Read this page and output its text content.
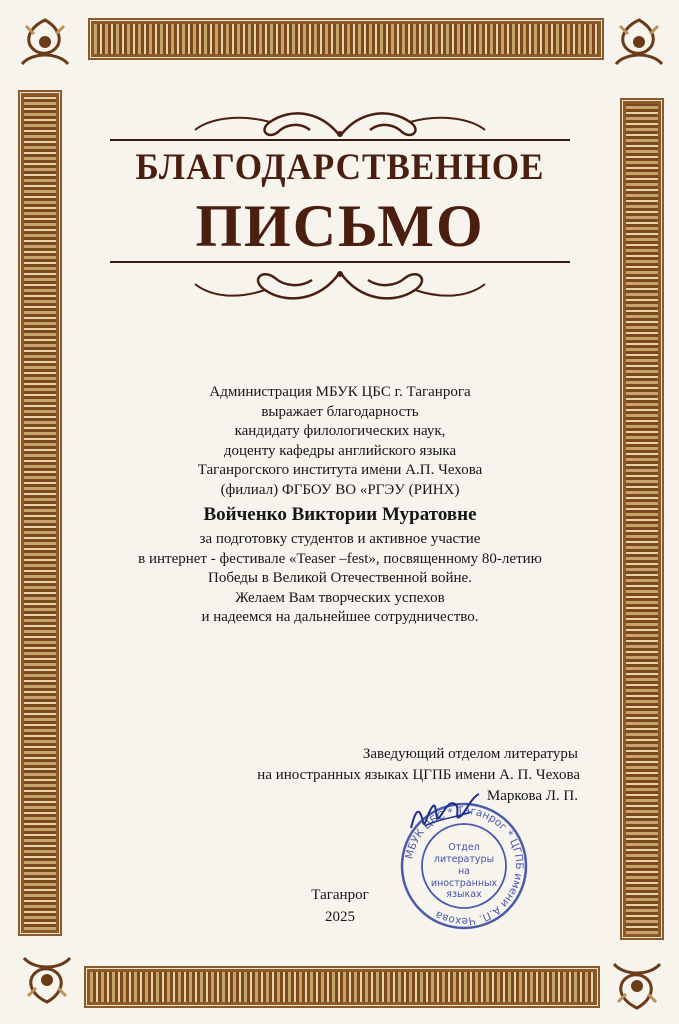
БЛАГОДАРСТВЕННОЕ
ПИСЬМО
Администрация МБУК ЦБС г. Таганрога
выражает благодарность
кандидату филологических наук,
доценту кафедры английского языка
Таганрогского института имени А.П. Чехова
(филиал) ФГБОУ ВО «РГЭУ (РИНХ)
Войченко Виктории Муратовне
за подготовку студентов и активное участие
в интернет - фестивале «Teaser –fest», посвященному 80-летию
Победы в Великой Отечественной войне.
Желаем Вам творческих успехов
и надеемся на дальнейшее сотрудничество.
МБУК ЦБС * Таганрог * ЦГПБ имени А.П. Чехова
Отдел
литературы
на
иностранных
языках
Заведующий отделом литературы
на иностранных языках ЦГПБ имени А. П. Чехова
Маркова Л. П.
Таганрог
2025
